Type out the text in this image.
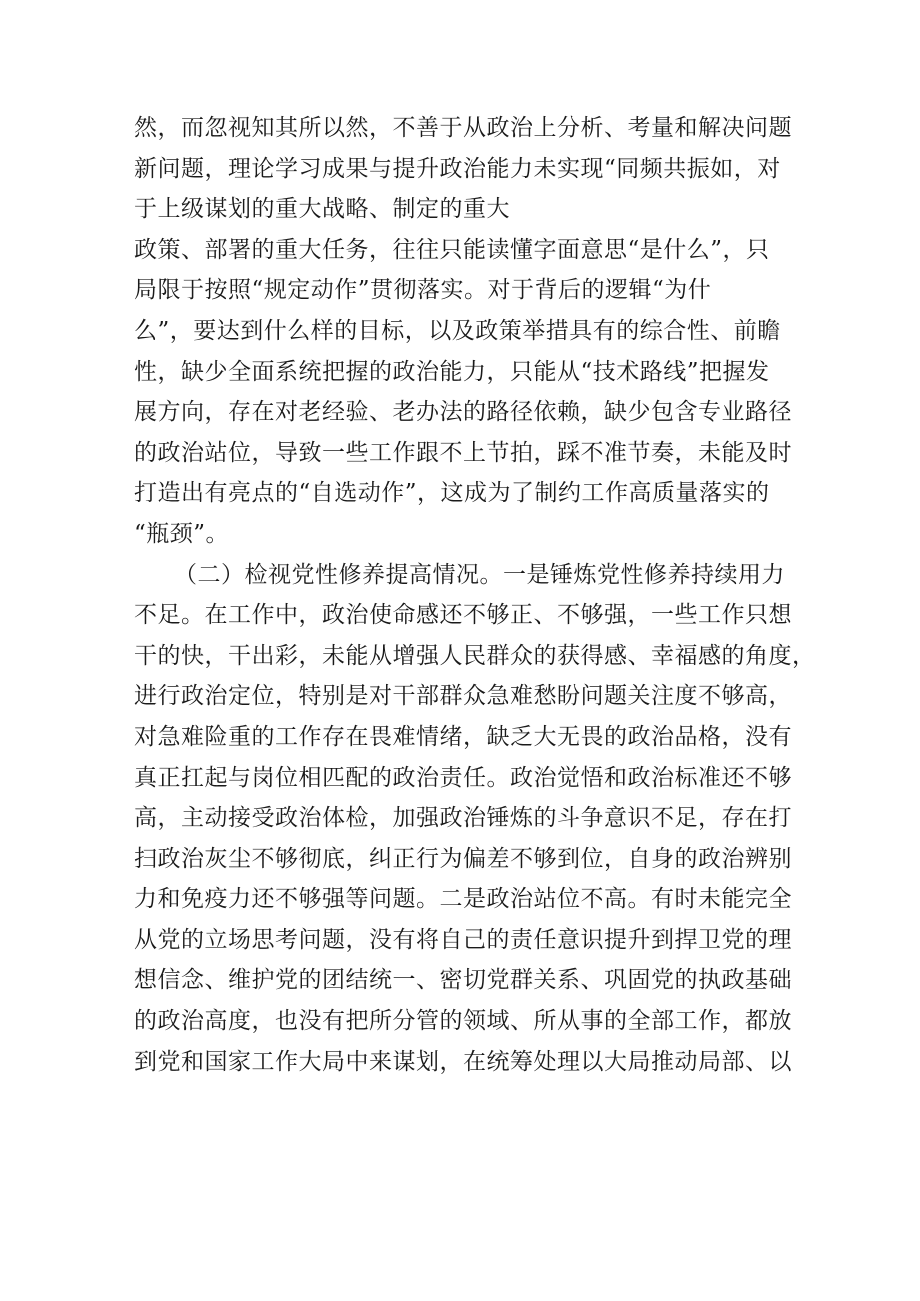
然，而忽视知其所以然，不善于从政治上分析、考量和解决问题
新问题，理论学习成果与提升政治能力未实现“同频共振如，对
于上级谋划的重大战略、制定的重大
政策、部署的重大任务，往往只能读懂字面意思“是什么”，只
局限于按照“规定动作”贯彻落实。对于背后的逻辑“为什
么”，要达到什么样的目标，以及政策举措具有的综合性、前瞻
性，缺少全面系统把握的政治能力，只能从“技术路线”把握发
展方向，存在对老经验、老办法的路径依赖，缺少包含专业路径
的政治站位，导致一些工作跟不上节拍，踩不准节奏，未能及时
打造出有亮点的“自选动作”，这成为了制约工作高质量落实的
“瓶颈”。
（二）检视党性修养提高情况。一是锤炼党性修养持续用力
不足。在工作中，政治使命感还不够正、不够强，一些工作只想
干的快，干出彩，未能从增强人民群众的获得感、幸福感的角度，
进行政治定位，特别是对干部群众急难愁盼问题关注度不够高，
对急难险重的工作存在畏难情绪，缺乏大无畏的政治品格，没有
真正扛起与岗位相匹配的政治责任。政治觉悟和政治标准还不够
高，主动接受政治体检，加强政治锤炼的斗争意识不足，存在打
扫政治灰尘不够彻底，纠正行为偏差不够到位，自身的政治辨别
力和免疫力还不够强等问题。二是政治站位不高。有时未能完全
从党的立场思考问题，没有将自己的责任意识提升到捍卫党的理
想信念、维护党的团结统一、密切党群关系、巩固党的执政基础
的政治高度，也没有把所分管的领域、所从事的全部工作，都放
到党和国家工作大局中来谋划，在统筹处理以大局推动局部、以
